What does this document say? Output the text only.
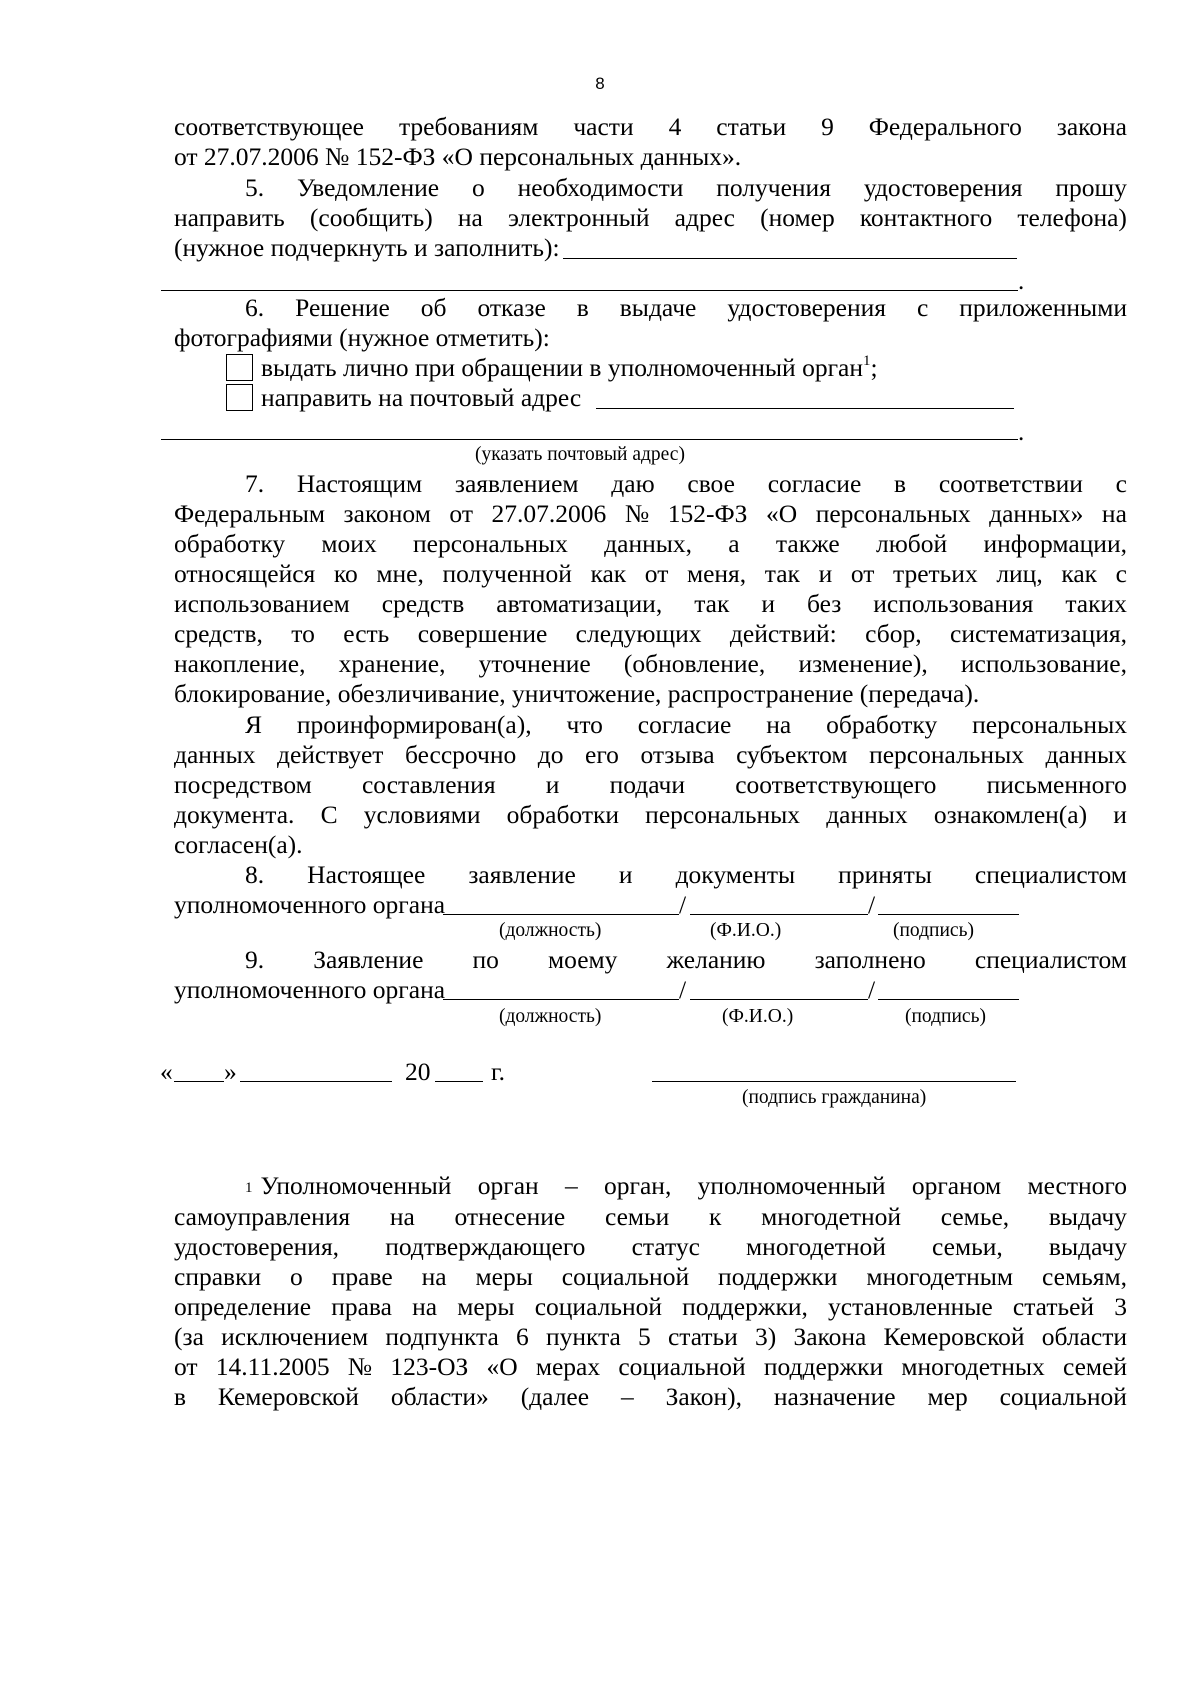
8
соответствующее требованиям части 4 статьи 9 Федерального закона
от 27.07.2006 № 152-ФЗ «О персональных данных».
5. Уведомление о необходимости получения удостоверения прошу
направить (сообщить) на электронный адрес (номер контактного телефона)
(нужное подчеркнуть и заполнить):
.
6. Решение об отказе в выдаче удостоверения с приложенными
фотографиями (нужное отметить):
выдать лично при обращении в уполномоченный орган$^1$;
направить на почтовый адрес
.
(указать почтовый адрес)
7. Настоящим заявлением даю свое согласие в соответствии с
Федеральным законом от 27.07.2006 № 152-ФЗ «О персональных данных» на
обработку моих персональных данных, а также любой информации,
относящейся ко мне, полученной как от меня, так и от третьих лиц, как с
использованием средств автоматизации, так и без использования таких
средств, то есть совершение следующих действий: сбор, систематизация,
накопление, хранение, уточнение (обновление, изменение), использование,
блокирование, обезличивание, уничтожение, распространение (передача).
Я проинформирован(а), что согласие на обработку персональных
данных действует бессрочно до его отзыва субъектом персональных данных
посредством составления и подачи соответствующего письменного
документа. С условиями обработки персональных данных ознакомлен(а) и
согласен(а).
8. Настоящее заявление и документы приняты специалистом
уполномоченного органа	/	/
(должность)	(Ф.И.О.)	(подпись)
9. Заявление по моему желанию заполнено специалистом
уполномоченного органа	/	/
(должность)	(Ф.И.О.)	(подпись)
« »	20 г.
(подпись гражданина)
$^1$ Уполномоченный орган – орган, уполномоченный органом местного
самоуправления на отнесение семьи к многодетной семье, выдачу
удостоверения, подтверждающего статус многодетной семьи, выдачу
справки о праве на меры социальной поддержки многодетным семьям,
определение права на меры социальной поддержки, установленные статьей 3
(за исключением подпункта 6 пункта 5 статьи 3) Закона Кемеровской области
от 14.11.2005 № 123-ОЗ «О мерах социальной поддержки многодетных семей
в Кемеровской области» (далее – Закон), назначение мер социальной
